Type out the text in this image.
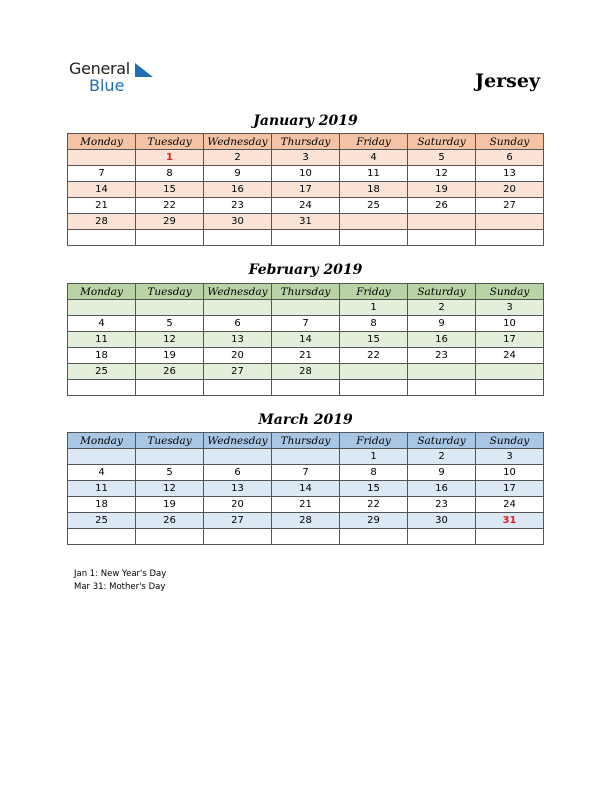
General
Blue	Jersey
January 2019
Monday	Tuesday	Wednesday	Thursday	Friday	Saturday	Sunday
	1	2	3	4	5	6
7	8	9	10	11	12	13
14	15	16	17	18	19	20
21	22	23	24	25	26	27
28	29	30	31			

February 2019
Monday	Tuesday	Wednesday	Thursday	Friday	Saturday	Sunday
				1	2	3
4	5	6	7	8	9	10
11	12	13	14	15	16	17
18	19	20	21	22	23	24
25	26	27	28			

March 2019
Monday	Tuesday	Wednesday	Thursday	Friday	Saturday	Sunday
				1	2	3
4	5	6	7	8	9	10
11	12	13	14	15	16	17
18	19	20	21	22	23	24
25	26	27	28	29	30	31

Jan 1: New Year's Day
Mar 31: Mother's Day
